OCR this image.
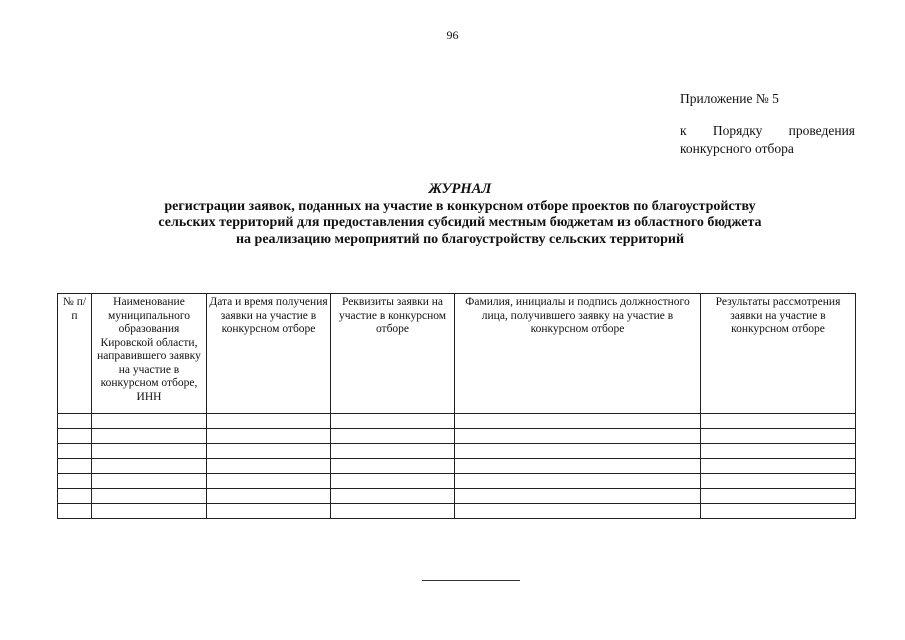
96
Приложение № 5
к Порядку проведения конкурсного отбора
ЖУРНАЛ
регистрации заявок, поданных на участие в конкурсном отборе проектов по благоустройству сельских территорий для предоставления субсидий местным бюджетам из областного бюджета на реализацию мероприятий по благоустройству сельских территорий
№ п/п	Наименование муниципального образования Кировской области, направившего заявку на участие в конкурсном отборе, ИНН	Дата и время получения заявки на участие в конкурсном отборе	Реквизиты заявки на участие в конкурсном отборе	Фамилия, инициалы и подпись должностного лица, получившего заявку на участие в конкурсном отборе	Результаты рассмотрения заявки на участие в конкурсном отборе
